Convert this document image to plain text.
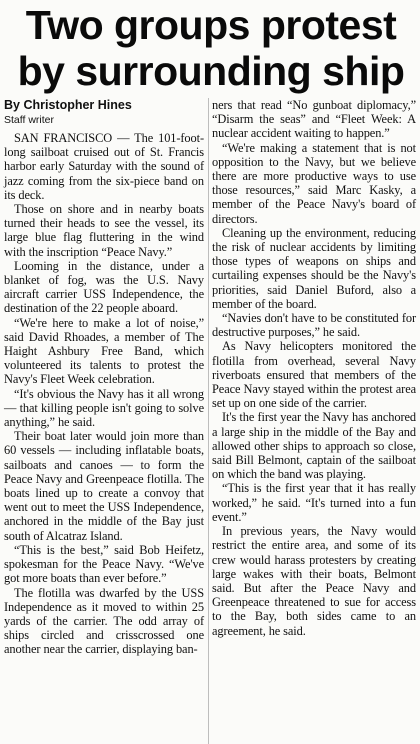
Two groups protest
by surrounding ship
By Christopher Hines
Staff writer

SAN FRANCISCO — The 101-foot-long sailboat cruised out of St. Francis harbor early Saturday with the sound of jazz coming from the six-piece band on its deck.

Those on shore and in nearby boats turned their heads to see the vessel, its large blue flag fluttering in the wind with the inscription “Peace Navy.”

Looming in the distance, under a blanket of fog, was the U.S. Navy aircraft carrier USS Independence, the destination of the 22 people aboard.

“We're here to make a lot of noise,” said David Rhoades, a member of The Haight Ashbury Free Band, which volunteered its talents to protest the Navy's Fleet Week celebration.

“It's obvious the Navy has it all wrong — that killing people isn't going to solve anything,” he said.

Their boat later would join more than 60 vessels — including inflatable boats, sailboats and canoes — to form the Peace Navy and Greenpeace flotilla. The boats lined up to create a convoy that went out to meet the USS Independence, anchored in the middle of the Bay just south of Alcatraz Island.

“This is the best,” said Bob Heifetz, spokesman for the Peace Navy. “We've got more boats than ever before.”

The flotilla was dwarfed by the USS Independence as it moved to within 25 yards of the carrier. The odd array of ships circled and crisscrossed one another near the carrier, displaying ban-

ners that read “No gunboat diplomacy,” “Disarm the seas” and “Fleet Week: A nuclear accident waiting to happen.”

“We're making a statement that is not opposition to the Navy, but we believe there are more productive ways to use those resources,” said Marc Kasky, a member of the Peace Navy's board of directors.

Cleaning up the environment, reducing the risk of nuclear accidents by limiting those types of weapons on ships and curtailing expenses should be the Navy's priorities, said Daniel Buford, also a member of the board.

“Navies don't have to be constituted for destructive purposes,” he said.

As Navy helicopters monitored the flotilla from overhead, several Navy riverboats ensured that members of the Peace Navy stayed within the protest area set up on one side of the carrier.

It's the first year the Navy has anchored a large ship in the middle of the Bay and allowed other ships to approach so close, said Bill Belmont, captain of the sailboat on which the band was playing.

“This is the first year that it has really worked,” he said. “It's turned into a fun event.”

In previous years, the Navy would restrict the entire area, and some of its crew would harass protesters by creating large wakes with their boats, Belmont said. But after the Peace Navy and Greenpeace threatened to sue for access to the Bay, both sides came to an agreement, he said.
